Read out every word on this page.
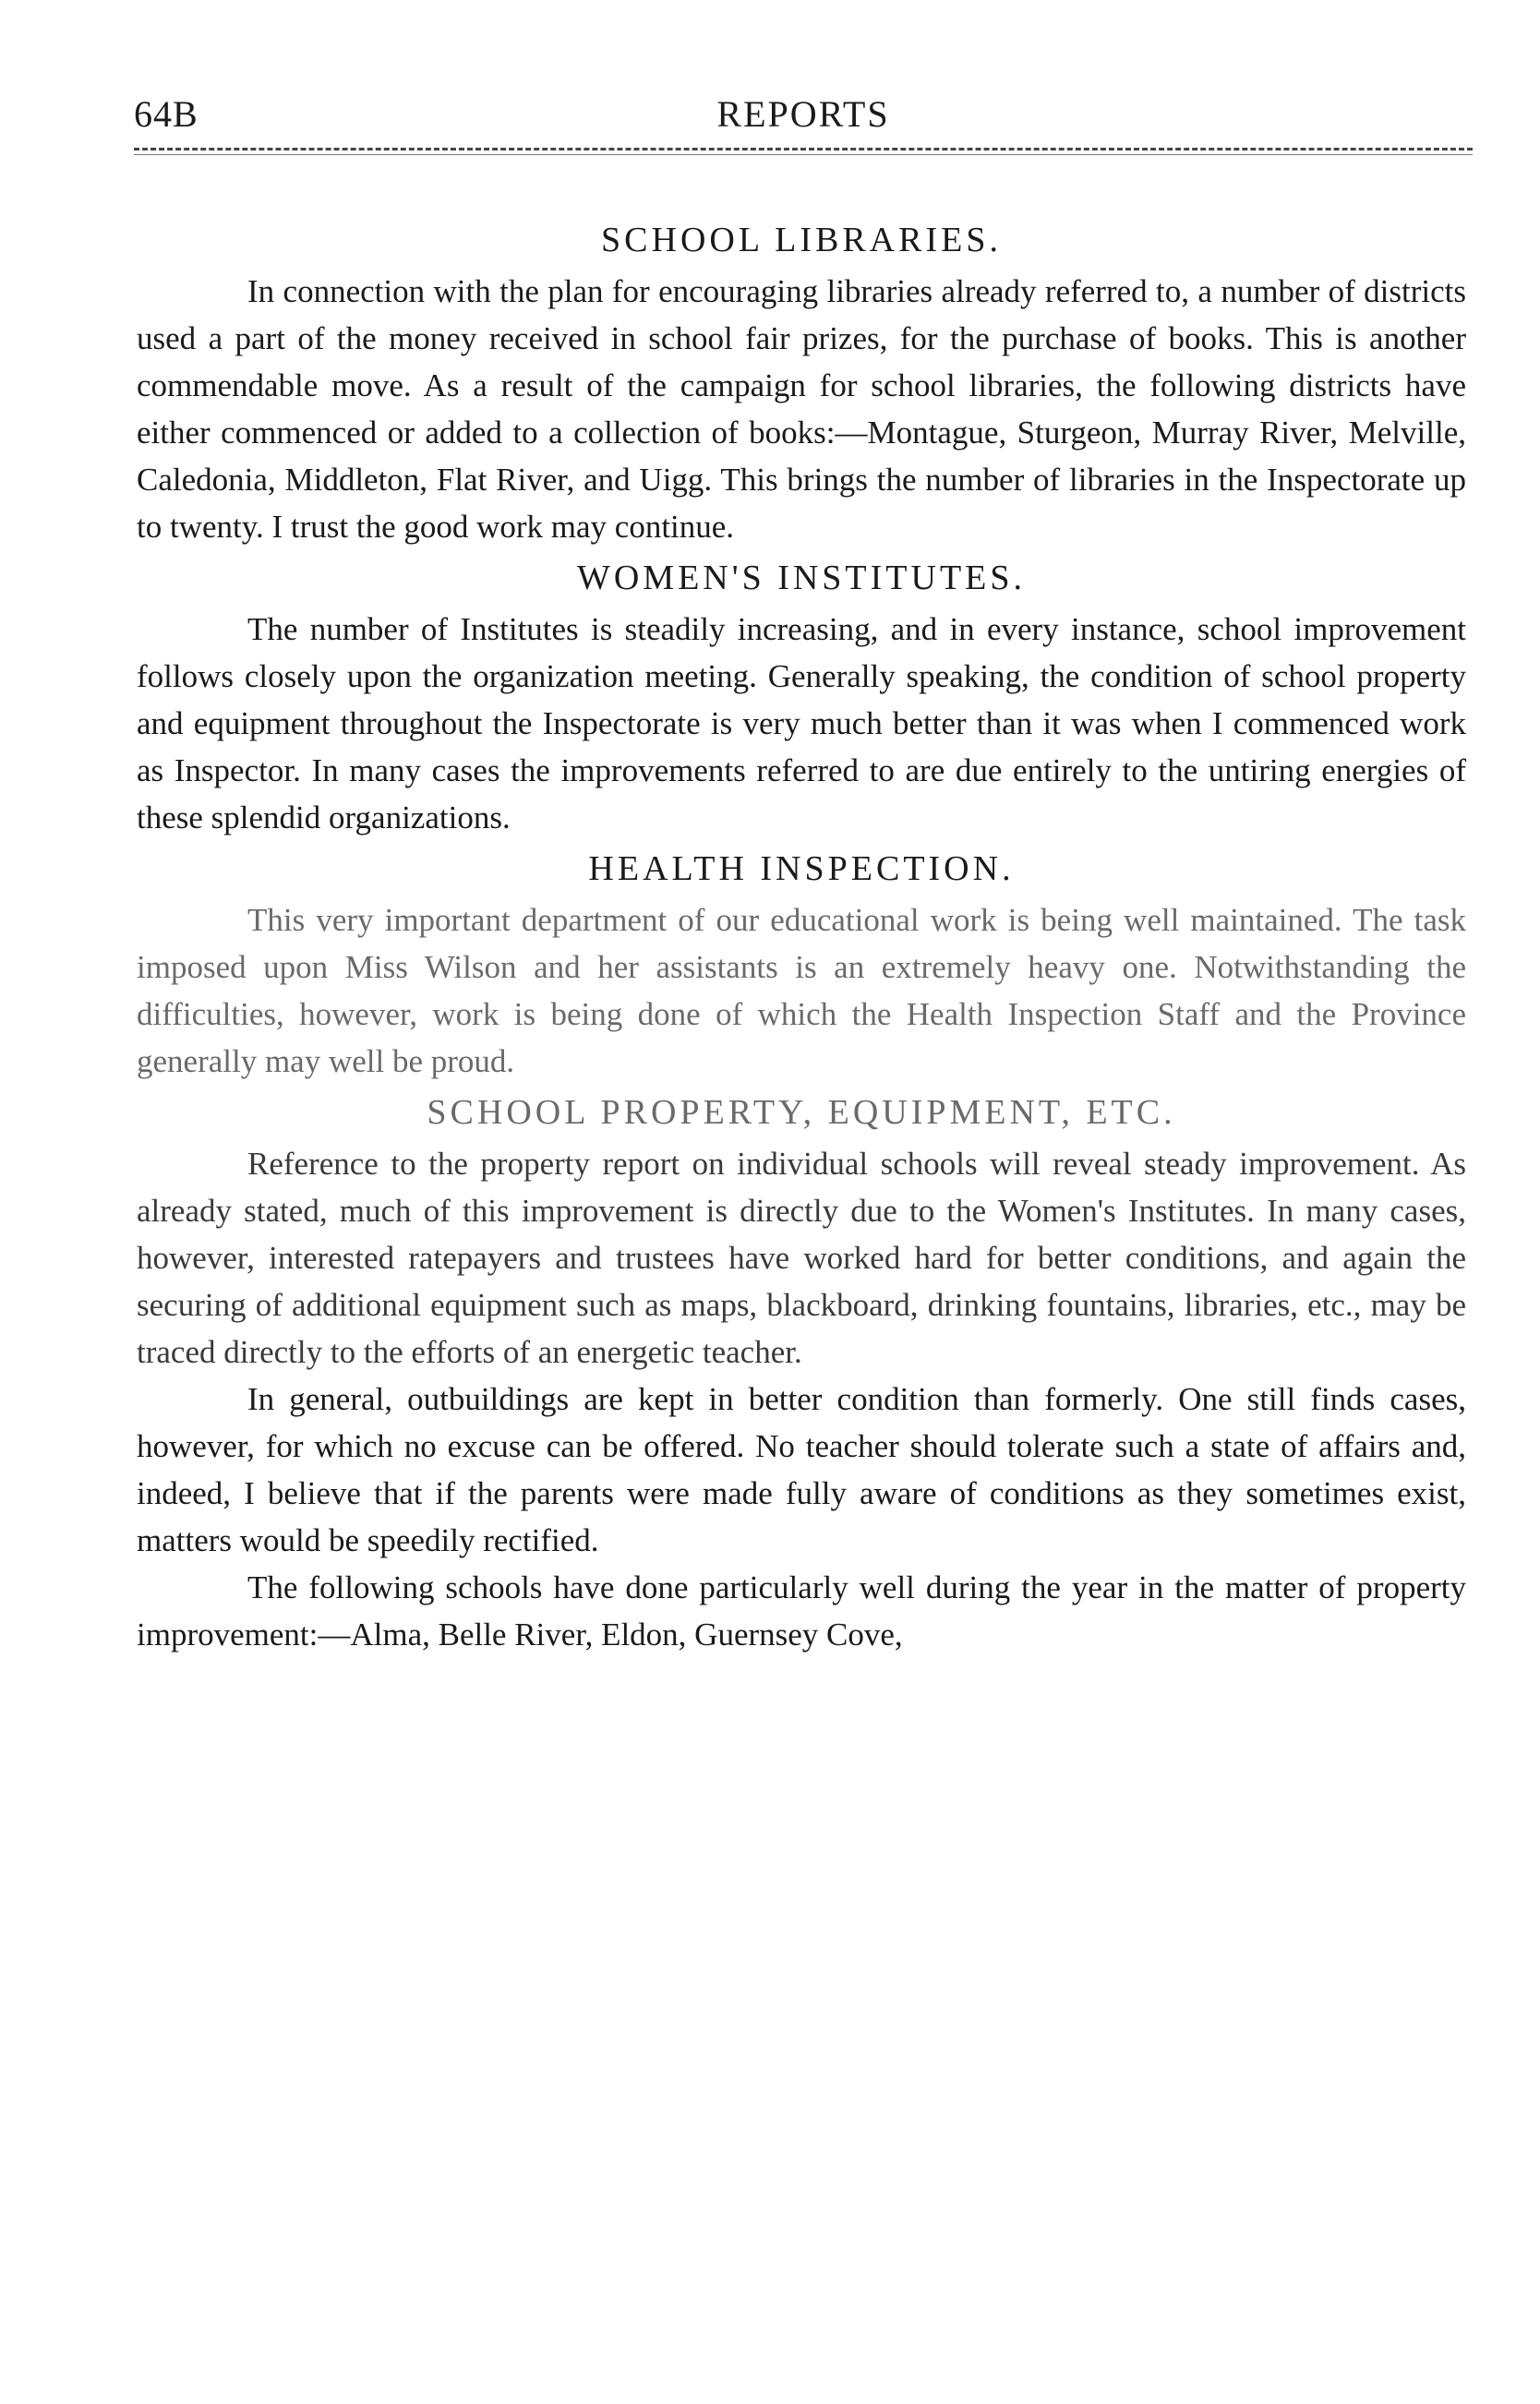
64B	REPORTS
SCHOOL LIBRARIES.

In connection with the plan for encouraging libraries already referred to, a number of districts used a part of the money received in school fair prizes, for the purchase of books. This is another commendable move. As a result of the campaign for school libraries, the following districts have either commenced or added to a collection of books:—Montague, Sturgeon, Murray River, Melville, Caledonia, Middleton, Flat River, and Uigg. This brings the number of libraries in the Inspectorate up to twenty. I trust the good work may continue.

WOMEN'S INSTITUTES.

The number of Institutes is steadily increasing, and in every instance, school improvement follows closely upon the organization meeting. Generally speaking, the condition of school property and equipment throughout the Inspectorate is very much better than it was when I commenced work as Inspector. In many cases the improvements referred to are due entirely to the untiring energies of these splendid organizations.

HEALTH INSPECTION.

This very important department of our educational work is being well maintained. The task imposed upon Miss Wilson and her assistants is an extremely heavy one. Notwithstanding the difficulties, however, work is being done of which the Health Inspection Staff and the Province generally may well be proud.

SCHOOL PROPERTY, EQUIPMENT, ETC.

Reference to the property report on individual schools will reveal steady improvement. As already stated, much of this improvement is directly due to the Women's Institutes. In many cases, however, interested ratepayers and trustees have worked hard for better conditions, and again the securing of additional equipment such as maps, blackboard, drinking fountains, libraries, etc., may be traced directly to the efforts of an energetic teacher.

In general, outbuildings are kept in better condition than formerly. One still finds cases, however, for which no excuse can be offered. No teacher should tolerate such a state of affairs and, indeed, I believe that if the parents were made fully aware of conditions as they sometimes exist, matters would be speedily rectified.

The following schools have done particularly well during the year in the matter of property improvement:—Alma, Belle River, Eldon, Guernsey Cove,
